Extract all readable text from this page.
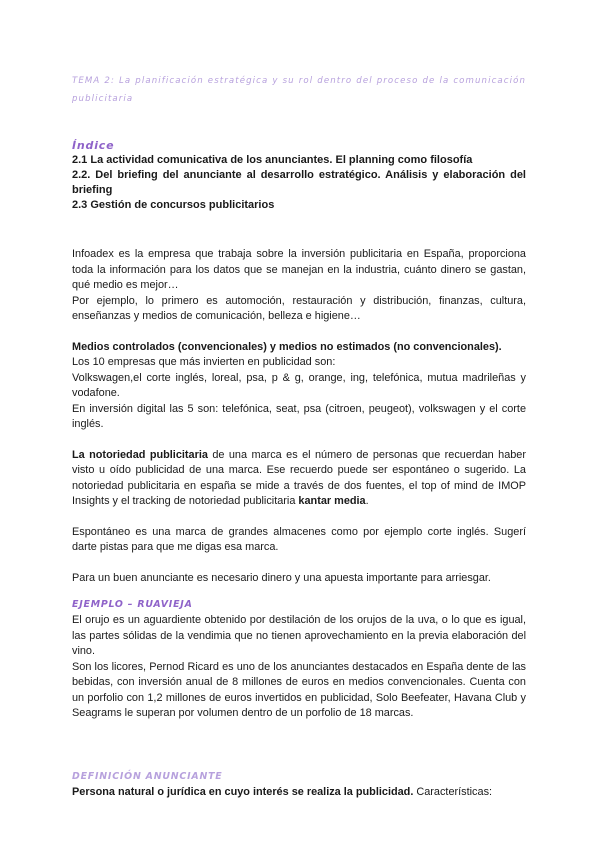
TEMA 2: La planificación estratégica y su rol dentro del proceso de la comunicación publicitaria

Índice

2.1 La actividad comunicativa de los anunciantes. El planning como filosofía

2.2. Del briefing del anunciante al desarrollo estratégico. Análisis y elaboración del briefing

2.3 Gestión de concursos publicitarios

Infoadex es la empresa que trabaja sobre la inversión publicitaria en España, proporciona toda la información para los datos que se manejan en la industria, cuánto dinero se gastan, qué medio es mejor…

Por ejemplo, lo primero es automoción, restauración y distribución, finanzas, cultura, enseñanzas y medios de comunicación, belleza e higiene…

Medios controlados (convencionales) y medios no estimados (no convencionales).

Los 10 empresas que más invierten en publicidad son:

Volkswagen,el corte inglés, loreal, psa, p & g, orange, ing, telefónica, mutua madrileñas y vodafone.

En inversión digital las 5 son: telefónica, seat, psa (citroen, peugeot), volkswagen y el corte inglés.

La notoriedad publicitaria de una marca es el número de personas que recuerdan haber visto u oído publicidad de una marca. Ese recuerdo puede ser espontáneo o sugerido. La notoriedad publicitaria en españa se mide a través de dos fuentes, el top of mind de IMOP Insights y el tracking de notoriedad publicitaria kantar media.

Espontáneo es una marca de grandes almacenes como por ejemplo corte inglés. Sugerí darte pistas para que me digas esa marca.

Para un buen anunciante es necesario dinero y una apuesta importante para arriesgar.

EJEMPLO – RUAVIEJA

El orujo es un aguardiente obtenido por destilación de los orujos de la uva, o lo que es igual, las partes sólidas de la vendimia que no tienen aprovechamiento en la previa elaboración del vino.

Son los licores, Pernod Ricard es uno de los anunciantes destacados en España dente de las bebidas, con inversión anual de 8 millones de euros en medios convencionales. Cuenta con un porfolio con 1,2 millones de euros invertidos en publicidad, Solo Beefeater, Havana Club y Seagrams le superan por volumen dentro de un porfolio de 18 marcas.

DEFINICIÓN ANUNCIANTE

Persona natural o jurídica en cuyo interés se realiza la publicidad. Características:
